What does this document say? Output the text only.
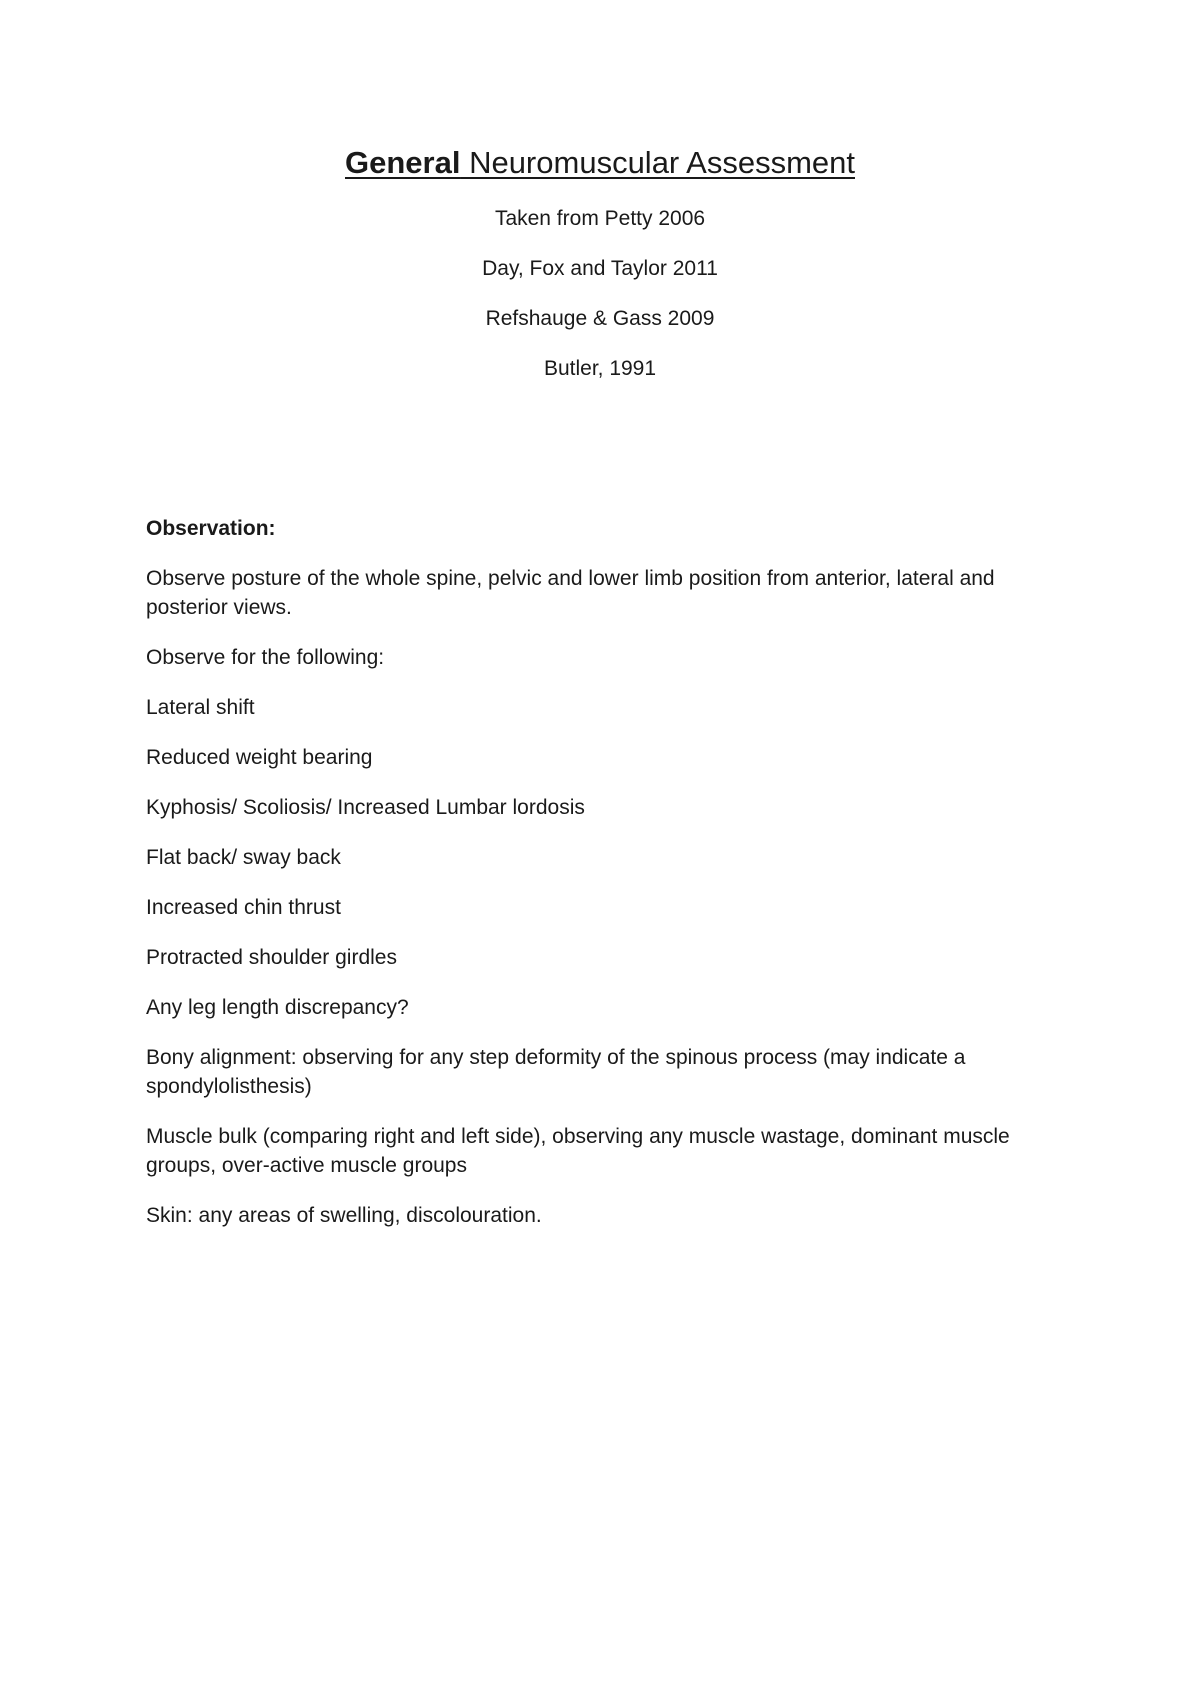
General Neuromuscular Assessment
Taken from Petty 2006
Day, Fox and Taylor 2011
Refshauge & Gass 2009
Butler, 1991

Observation:

Observe posture of the whole spine, pelvic and lower limb position from anterior, lateral and posterior views.

Observe for the following:

Lateral shift

Reduced weight bearing

Kyphosis/ Scoliosis/ Increased Lumbar lordosis

Flat back/ sway back

Increased chin thrust

Protracted shoulder girdles

Any leg length discrepancy?

Bony alignment: observing for any step deformity of the spinous process (may indicate a spondylolisthesis)

Muscle bulk (comparing right and left side), observing any muscle wastage, dominant muscle groups, over-active muscle groups

Skin: any areas of swelling, discolouration.
